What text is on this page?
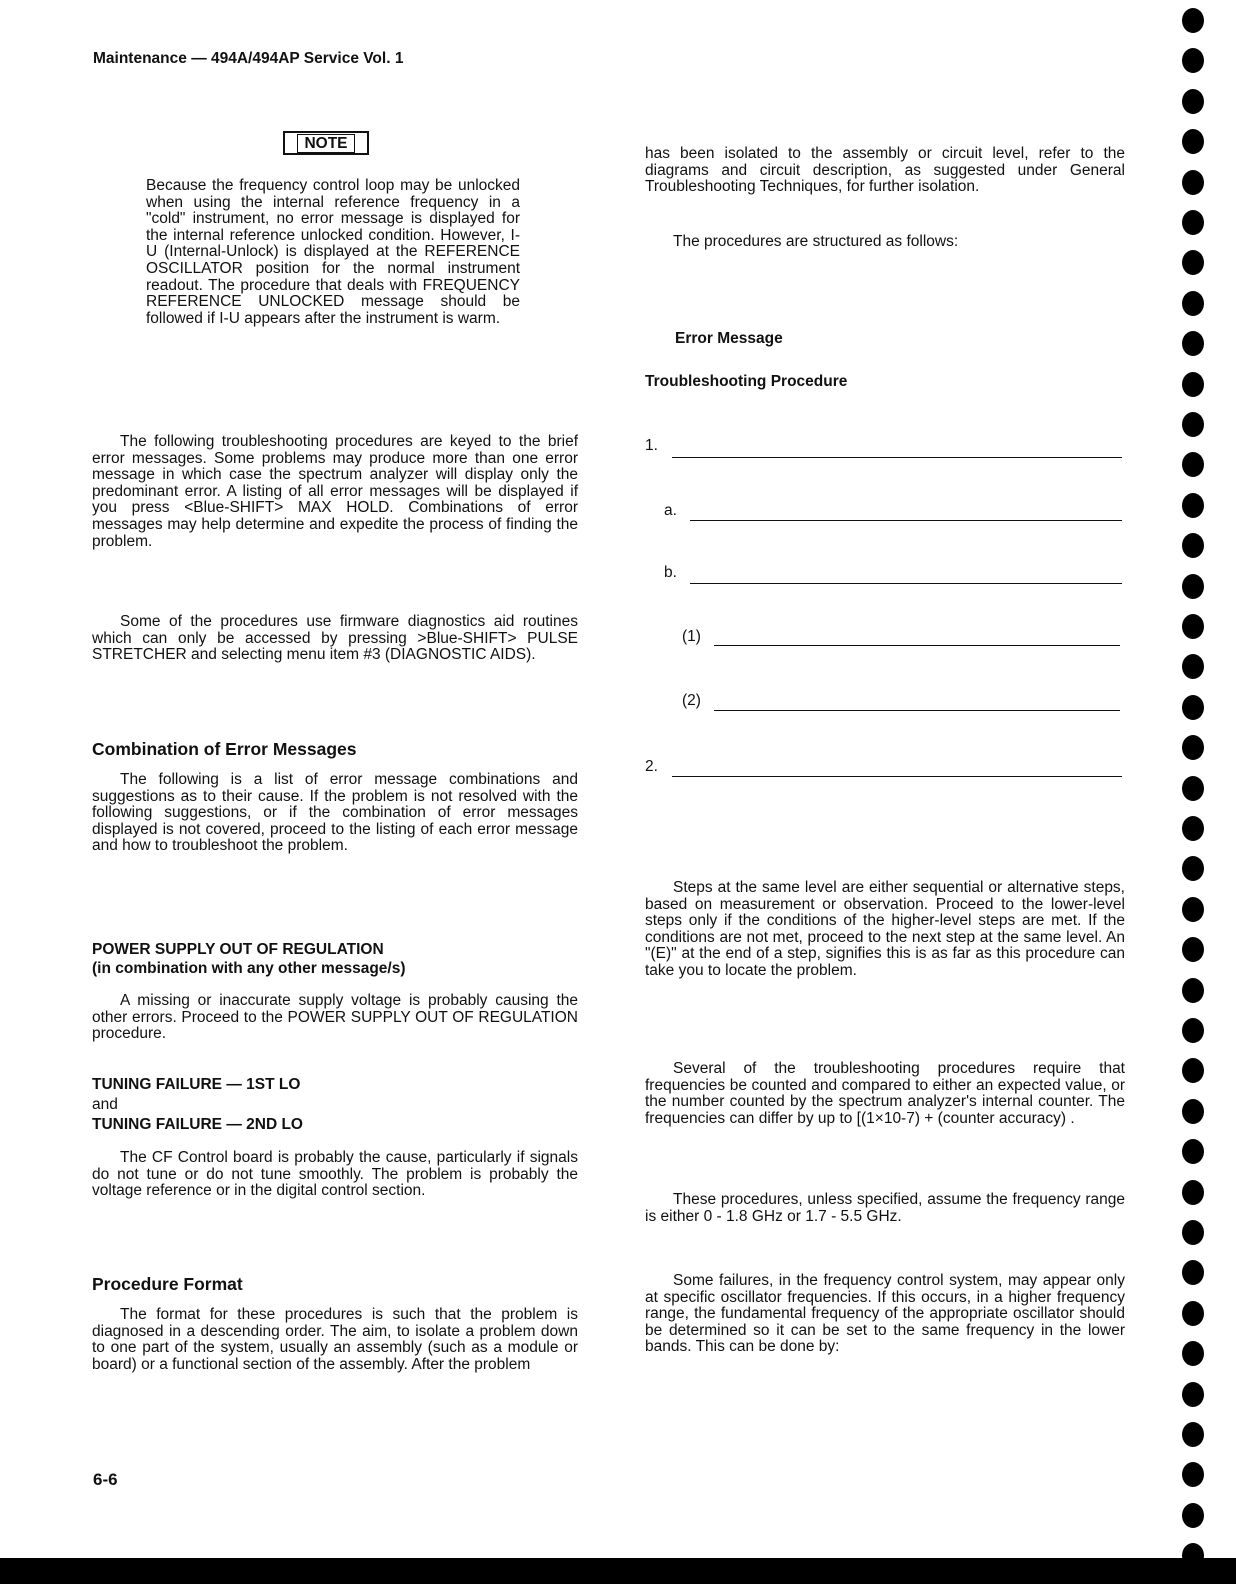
Maintenance — 494A/494AP Service Vol. 1
NOTE
Because the frequency control loop may be unlocked when using the internal reference frequency in a "cold" instrument, no error message is displayed for the internal reference unlocked condition. However, I-U (Internal-Unlock) is displayed at the REFERENCE OSCILLATOR position for the normal instrument readout. The procedure that deals with FREQUENCY REFERENCE UNLOCKED message should be followed if I-U appears after the instrument is warm.

The following troubleshooting procedures are keyed to the brief error messages. Some problems may produce more than one error message in which case the spectrum analyzer will display only the predominant error. A listing of all error messages will be displayed if you press <Blue-SHIFT> MAX HOLD. Combinations of error messages may help determine and expedite the process of finding the problem.

Some of the procedures use firmware diagnostics aid routines which can only be accessed by pressing >Blue-SHIFT> PULSE STRETCHER and selecting menu item #3 (DIAGNOSTIC AIDS).

Combination of Error Messages

The following is a list of error message combinations and suggestions as to their cause. If the problem is not resolved with the following suggestions, or if the combination of error messages displayed is not covered, proceed to the listing of each error message and how to troubleshoot the problem.

POWER SUPPLY OUT OF REGULATION
(in combination with any other message/s)

A missing or inaccurate supply voltage is probably causing the other errors. Proceed to the POWER SUPPLY OUT OF REGULATION procedure.

TUNING FAILURE — 1ST LO
and
TUNING FAILURE — 2ND LO

The CF Control board is probably the cause, particularly if signals do not tune or do not tune smoothly. The problem is probably the voltage reference or in the digital control section.

Procedure Format

The format for these procedures is such that the problem is diagnosed in a descending order. The aim, to isolate a problem down to one part of the system, usually an assembly (such as a module or board) or a functional section of the assembly. After the problem

has been isolated to the assembly or circuit level, refer to the diagrams and circuit description, as suggested under General Troubleshooting Techniques, for further isolation.

The procedures are structured as follows:

Error Message
Troubleshooting Procedure
1.
a.
b.
(1)
(2)
2.

Steps at the same level are either sequential or alternative steps, based on measurement or observation. Proceed to the lower-level steps only if the conditions of the higher-level steps are met. If the conditions are not met, proceed to the next step at the same level. An "(E)" at the end of a step, signifies this is as far as this procedure can take you to locate the problem.

Several of the troubleshooting procedures require that frequencies be counted and compared to either an expected value, or the number counted by the spectrum analyzer's internal counter. The frequencies can differ by up to [(1×10-7) + (counter accuracy) .

These procedures, unless specified, assume the frequency range is either 0 - 1.8 GHz or 1.7 - 5.5 GHz.

Some failures, in the frequency control system, may appear only at specific oscillator frequencies. If this occurs, in a higher frequency range, the fundamental frequency of the appropriate oscillator should be determined so it can be set to the same frequency in the lower bands. This can be done by:

6-6
